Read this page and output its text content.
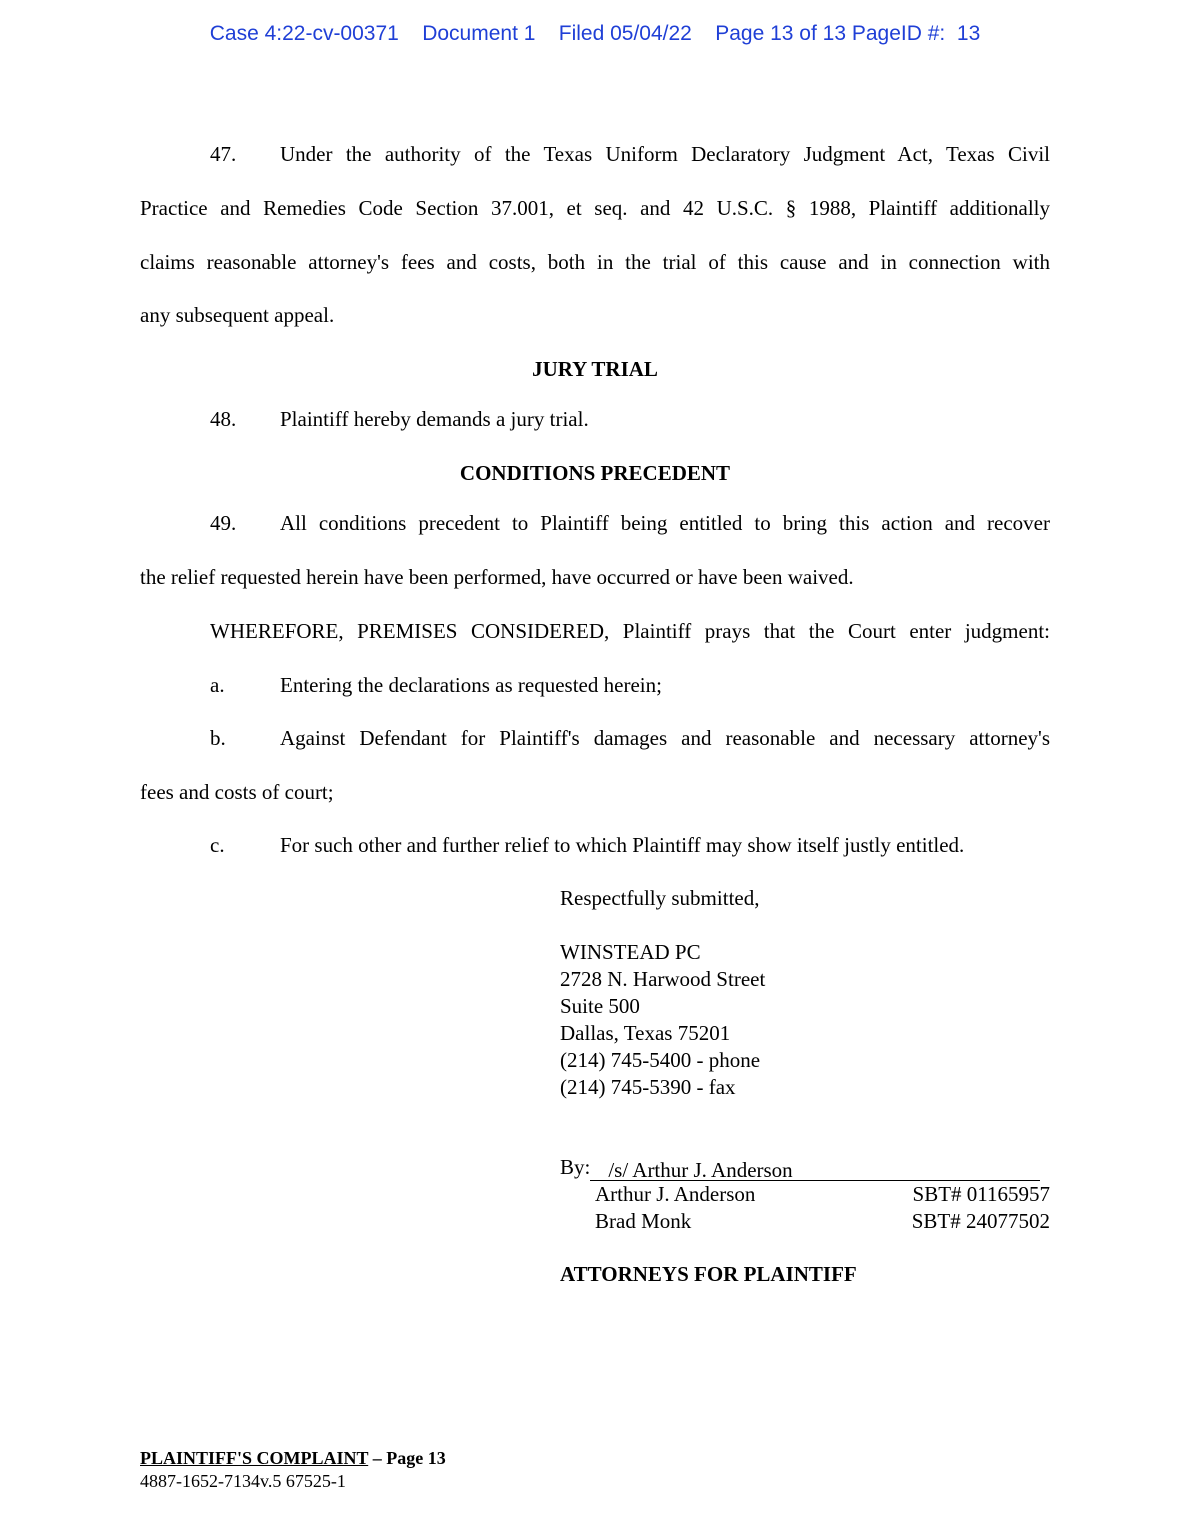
Case 4:22-cv-00371 Document 1 Filed 05/04/22 Page 13 of 13 PageID #:  13
47. Under the authority of the Texas Uniform Declaratory Judgment Act, Texas Civil
Practice and Remedies Code Section 37.001, et seq. and 42 U.S.C. § 1988, Plaintiff additionally
claims reasonable attorney's fees and costs, both in the trial of this cause and in connection with
any subsequent appeal.
JURY TRIAL
48. Plaintiff hereby demands a jury trial.
CONDITIONS PRECEDENT
49. All conditions precedent to Plaintiff being entitled to bring this action and recover
the relief requested herein have been performed, have occurred or have been waived.
WHEREFORE, PREMISES CONSIDERED, Plaintiff prays that the Court enter judgment:
a.	Entering the declarations as requested herein;
b.	Against Defendant for Plaintiff's damages and reasonable and necessary attorney's
fees and costs of court;
c.	For such other and further relief to which Plaintiff may show itself justly entitled.
Respectfully submitted,
WINSTEAD PC
2728 N. Harwood Street
Suite 500
Dallas, Texas 75201
(214) 745-5400 - phone
(214) 745-5390 - fax
By: /s/ Arthur J. Anderson
Arthur J. Anderson	SBT# 01165957
Brad Monk	SBT# 24077502
ATTORNEYS FOR PLAINTIFF
PLAINTIFF'S COMPLAINT – Page 13
4887-1652-7134v.5 67525-1
